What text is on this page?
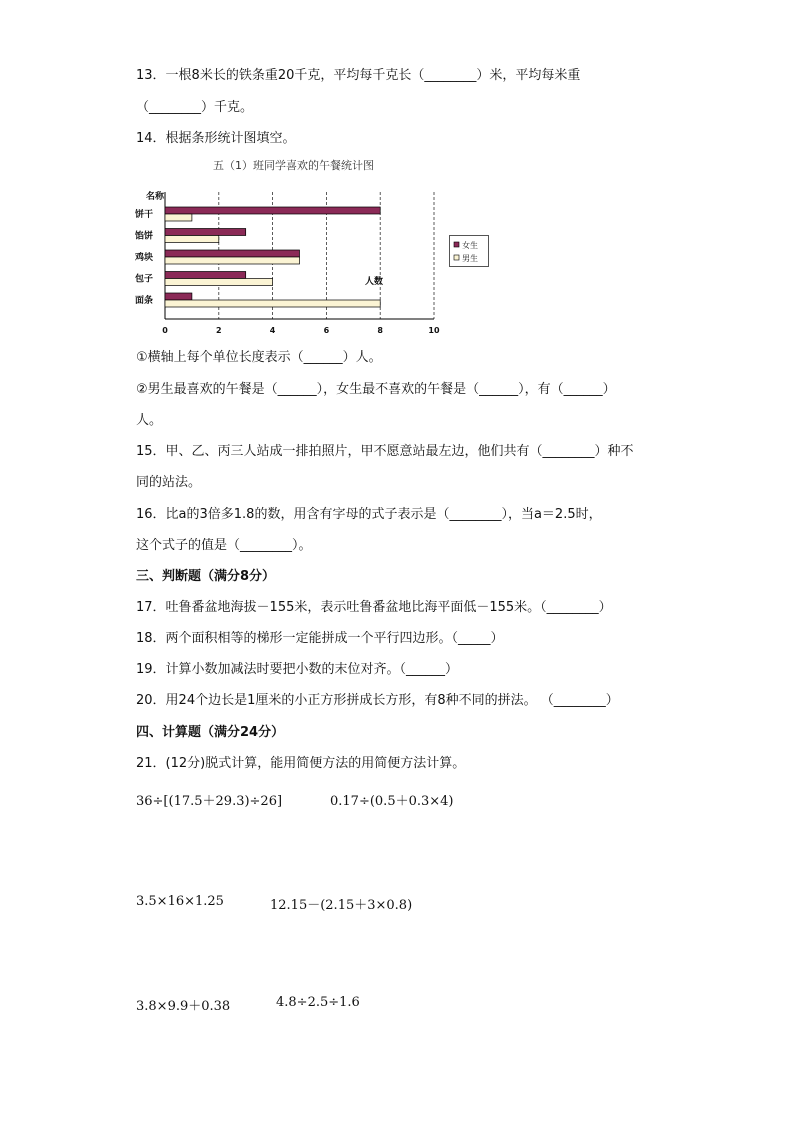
13．一根8米长的铁条重20千克，平均每千克长（________）米，平均每米重
（________）千克。
14．根据条形统计图填空。
五（1）班同学喜欢的午餐统计图
名称
饼干
馅饼
鸡块
包子
面条
0	2	4	6	8	10
人数
女生
男生
①横轴上每个单位长度表示（______）人。
②男生最喜欢的午餐是（______），女生最不喜欢的午餐是（______），有（______）
人。
15．甲、乙、丙三人站成一排拍照片，甲不愿意站最左边，他们共有（________）种不
同的站法。
16．比a的3倍多1.8的数，用含有字母的式子表示是（________），当a＝2.5时，
这个式子的值是（________）。
三、判断题（满分8分）
17．吐鲁番盆地海拔－155米，表示吐鲁番盆地比海平面低－155米。（________）
18．两个面积相等的梯形一定能拼成一个平行四边形。（_____）
19．计算小数加减法时要把小数的末位对齐。（______）
20．用24个边长是1厘米的小正方形拼成长方形，有8种不同的拼法。 （________）
四、计算题（满分24分）
21．(12分)脱式计算，能用简便方法的用简便方法计算。
36÷[(17.5＋29.3)÷26]	0.17÷(0.5＋0.3×4)
3.5×16×1.25	12.15－(2.15＋3×0.8)
3.8×9.9＋0.38	4.8÷2.5÷1.6
